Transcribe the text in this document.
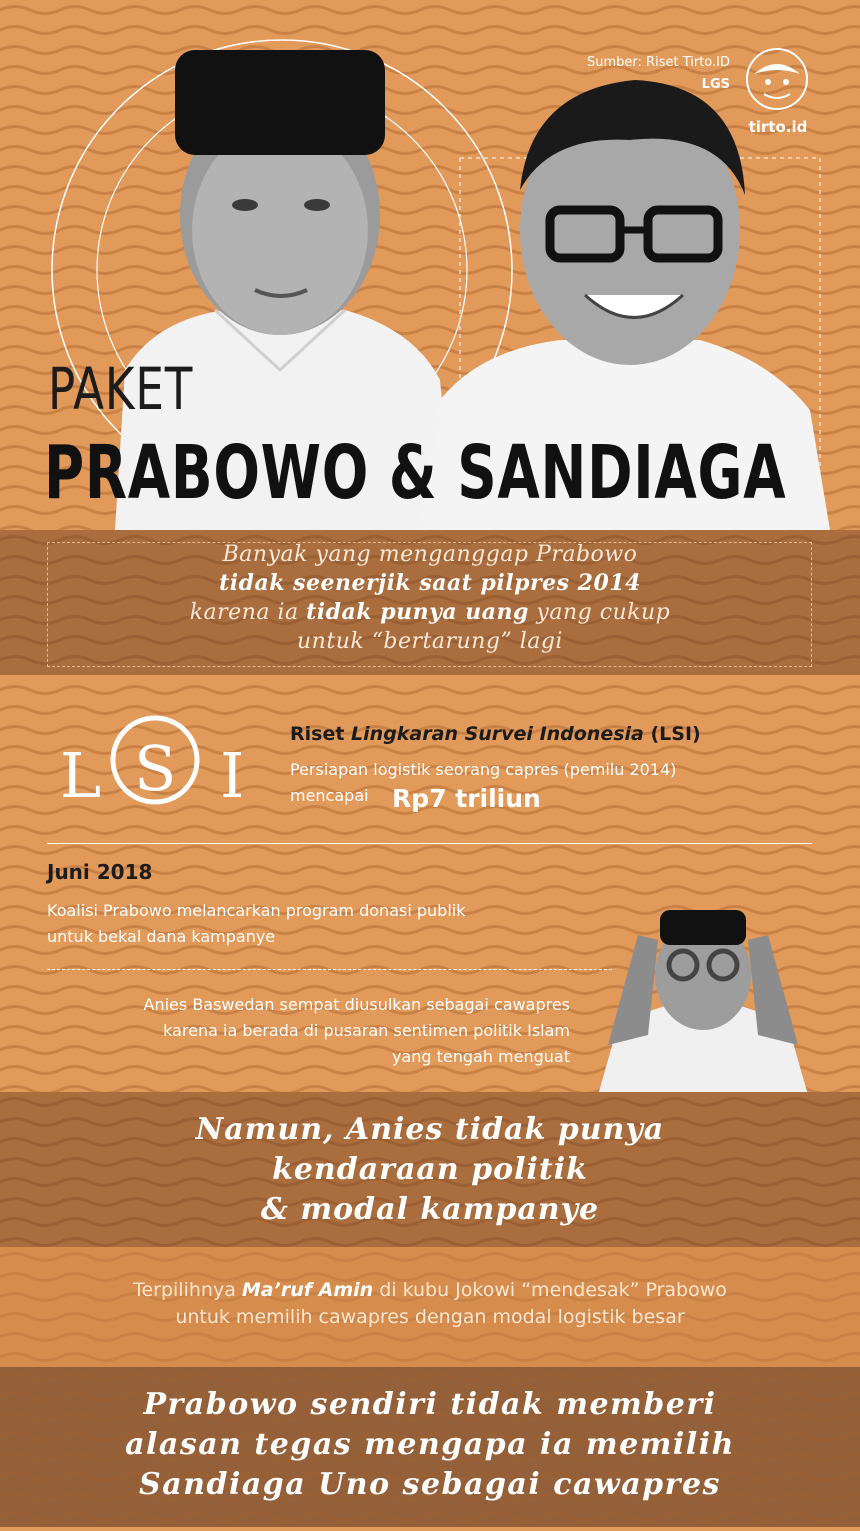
tirto.id
Sumber: Riset Tirto.ID
LGS
PAKET
PRABOWO & SANDIAGA
Banyak yang menganggap Prabowo
tidak seenerjik saat pilpres 2014
karena ia tidak punya uang yang cukup
untuk “bertarung” lagi
L S I
Riset Lingkaran Survei Indonesia (LSI)
Persiapan logistik seorang capres (pemilu 2014)
mencapai Rp7 triliun
Juni 2018
Koalisi Prabowo melancarkan program donasi publik
untuk bekal dana kampanye
Anies Baswedan sempat diusulkan sebagai cawapres
karena ia berada di pusaran sentimen politik Islam
yang tengah menguat
Namun, Anies tidak punya
kendaraan politik
& modal kampanye
Terpilihnya Ma’ruf Amin di kubu Jokowi “mendesak” Prabowo
untuk memilih cawapres dengan modal logistik besar
Prabowo sendiri tidak memberi
alasan tegas mengapa ia memilih
Sandiaga Uno sebagai cawapres
